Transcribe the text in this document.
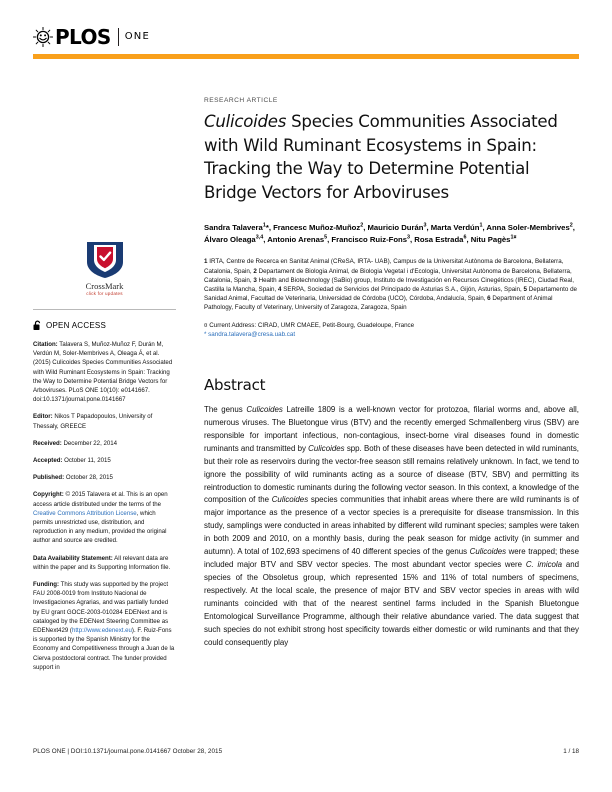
PLOS ONE
CrossMark
click for updates
OPEN ACCESS
Citation: Talavera S, Muñoz-Muñoz F, Durán M, Verdún M, Soler-Membrives A, Oleaga Á, et al. (2015) Culicoides Species Communities Associated with Wild Ruminant Ecosystems in Spain: Tracking the Way to Determine Potential Bridge Vectors for Arboviruses. PLoS ONE 10(10): e0141667. doi:10.1371/journal.pone.0141667
Editor: Nikos T Papadopoulos, University of Thessaly, GREECE
Received: December 22, 2014
Accepted: October 11, 2015
Published: October 28, 2015
Copyright: © 2015 Talavera et al. This is an open access article distributed under the terms of the Creative Commons Attribution License, which permits unrestricted use, distribution, and reproduction in any medium, provided the original author and source are credited.
Data Availability Statement: All relevant data are within the paper and its Supporting Information file.
Funding: This study was supported by the project FAU 2008-0019 from Instituto Nacional de Investigaciones Agrarias, and was partially funded by EU grant GOCE-2003-010284 EDENext and is cataloged by the EDENext Steering Committee as EDENext429 (http://www.edenext.eu). F. Ruiz-Fons is supported by the Spanish Ministry for the Economy and Competitiveness through a Juan de la Cierva postdoctoral contract. The funder provided support in
RESEARCH ARTICLE
Culicoides Species Communities Associated with Wild Ruminant Ecosystems in Spain: Tracking the Way to Determine Potential Bridge Vectors for Arboviruses
Sandra Talavera$^1$*, Francesc Muñoz-Muñoz$^2$, Mauricio Durán$^3$, Marta Verdún$^1$, Anna Soler-Membrives$^2$, Álvaro Oleaga$^{3,4}$, Antonio Arenas$^5$, Francisco Ruiz-Fons$^3$, Rosa Estrada$^6$, Nitu Pagès$^{1¤}$
1 IRTA, Centre de Recerca en Sanitat Animal (CReSA, IRTA- UAB), Campus de la Universitat Autònoma de Barcelona, Bellaterra, Catalonia, Spain, 2 Departament de Biologia Animal, de Biologia Vegetal i d'Ecologia, Universitat Autònoma de Barcelona, Bellaterra, Catalonia, Spain, 3 Health and Biotechnology (SaBio) group, Instituto de Investigación en Recursos Cinegéticos (IREC), Ciudad Real, Castilla la Mancha, Spain, 4 SERPA, Sociedad de Servicios del Principado de Asturias S.A., Gijón, Asturias, Spain, 5 Departamento de Sanidad Animal, Facultad de Veterinaria, Universidad de Córdoba (UCO), Córdoba, Andalucía, Spain, 6 Department of Animal Pathology, Faculty of Veterinary, University of Zaragoza, Zaragoza, Spain
¤ Current Address: CIRAD, UMR CMAEE, Petit-Bourg, Guadeloupe, France
* sandra.talavera@cresa.uab.cat
Abstract

The genus Culicoides Latreille 1809 is a well-known vector for protozoa, filarial worms and, above all, numerous viruses. The Bluetongue virus (BTV) and the recently emerged Schmallenberg virus (SBV) are responsible for important infectious, non-contagious, insect-borne viral diseases found in domestic ruminants and transmitted by Culicoides spp. Both of these diseases have been detected in wild ruminants, but their role as reservoirs during the vector-free season still remains relatively unknown. In fact, we tend to ignore the possibility of wild ruminants acting as a source of disease (BTV, SBV) and permitting its reintroduction to domestic ruminants during the following vector season. In this context, a knowledge of the composition of the Culicoides species communities that inhabit areas where there are wild ruminants is of major importance as the presence of a vector species is a prerequisite for disease transmission. In this study, samplings were conducted in areas inhabited by different wild ruminant species; samples were taken in both 2009 and 2010, on a monthly basis, during the peak season for midge activity (in summer and autumn). A total of 102,693 specimens of 40 different species of the genus Culicoides were trapped; these included major BTV and SBV vector species. The most abundant vector species were C. imicola and species of the Obsoletus group, which represented 15% and 11% of total numbers of specimens, respectively. At the local scale, the presence of major BTV and SBV vector species in areas with wild ruminants coincided with that of the nearest sentinel farms included in the Spanish Bluetongue Entomological Surveillance Programme, although their relative abundance varied. The data suggest that such species do not exhibit strong host specificity towards either domestic or wild ruminants and that they could consequently play

PLOS ONE | DOI:10.1371/journal.pone.0141667 October 28, 2015	1 / 18
